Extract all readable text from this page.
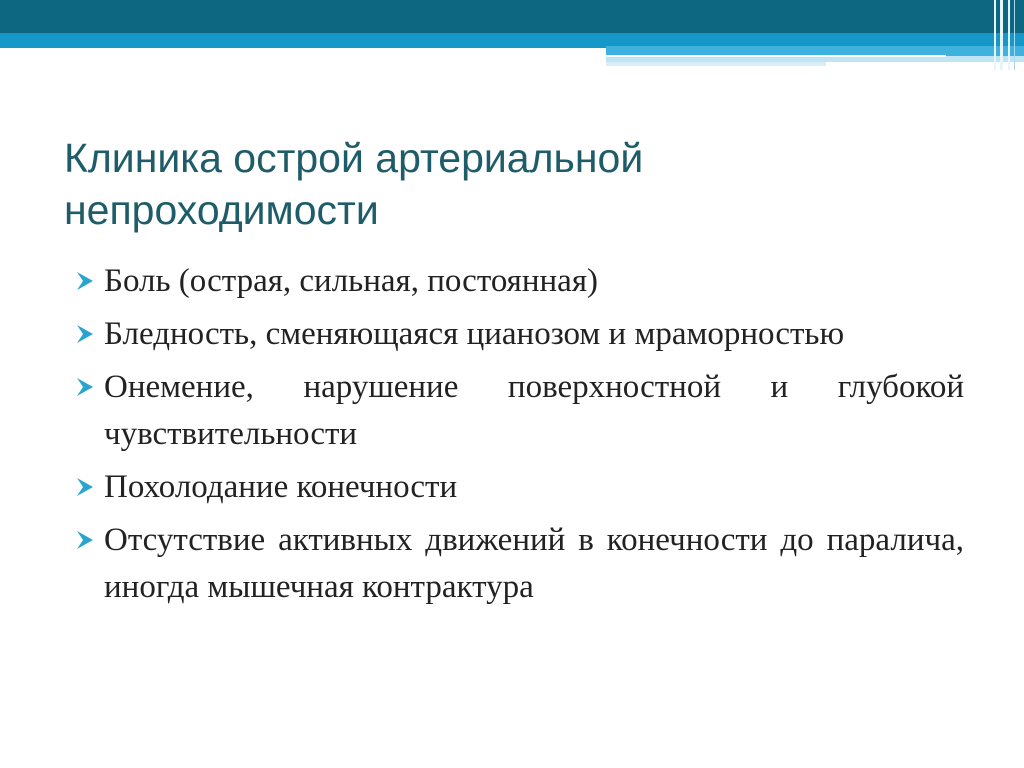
Клиника острой артериальной непроходимости
Боль (острая, сильная, постоянная)
Бледность, сменяющаяся цианозом и мраморностью
Онемение, нарушение поверхностной и глубокой чувствительности
Похолодание конечности
Отсутствие активных движений в конечности до паралича, иногда мышечная контрактура
